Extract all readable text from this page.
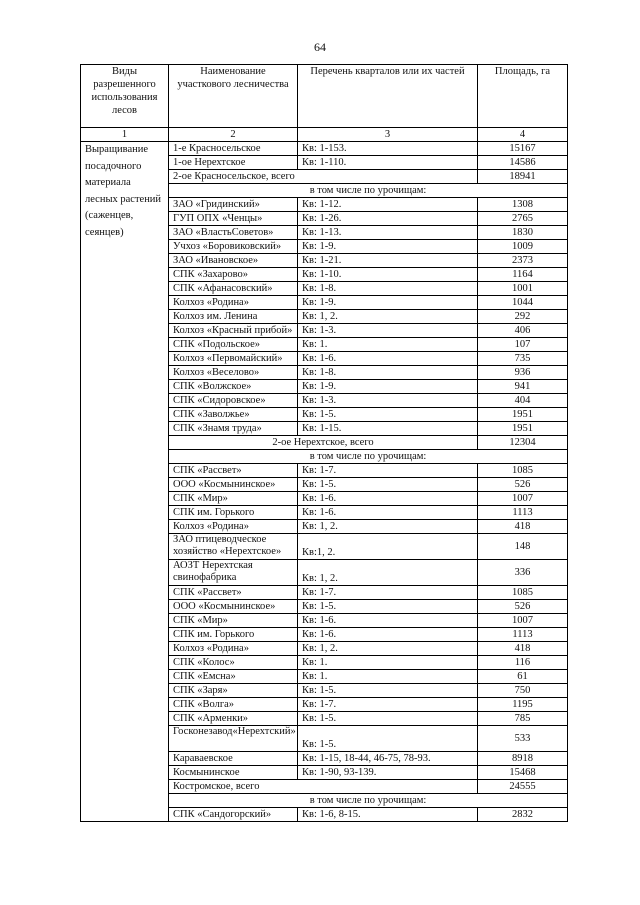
64
Виды разрешенного использования лесов	Наименование участкового лесничества	Перечень кварталов или их частей	Площадь, га
1	2	3	4
Выращивание посадочного материала лесных растений (саженцев, сеянцев)	1-е Красносельское	Кв: 1-153.	15167
	1-ое Нерехтское	Кв: 1-110.	14586
	2-ое Красносельское, всего		18941
	в том числе по урочищам:		
	ЗАО «Гридинский»	Кв: 1-12.	1308
	ГУП ОПХ «Ченцы»	Кв: 1-26.	2765
	ЗАО «ВластьСоветов»	Кв: 1-13.	1830
	Учхоз «Боровиковский»	Кв: 1-9.	1009
	ЗАО «Ивановское»	Кв: 1-21.	2373
	СПК «Захарово»	Кв: 1-10.	1164
	СПК «Афанасовский»	Кв: 1-8.	1001
	Колхоз «Родина»	Кв: 1-9.	1044
	Колхоз им. Ленина	Кв: 1, 2.	292
	Колхоз «Красный прибой»	Кв: 1-3.	406
	СПК «Подольское»	Кв: 1.	107
	Колхоз «Первомайский»	Кв: 1-6.	735
	Колхоз «Веселово»	Кв: 1-8.	936
	СПК «Волжское»	Кв: 1-9.	941
	СПК «Сидоровское»	Кв: 1-3.	404
	СПК «Заволжье»	Кв: 1-5.	1951
	СПК «Знамя труда»	Кв: 1-15.	1951
	2-ое Нерехтское, всего		12304
	в том числе по урочищам:		
	СПК «Рассвет»	Кв: 1-7.	1085
	ООО «Космынинское»	Кв: 1-5.	526
	СПК «Мир»	Кв: 1-6.	1007
	СПК им. Горького	Кв: 1-6.	1113
	Колхоз «Родина»	Кв: 1, 2.	418
	ЗАО птицеводческое хозяйство «Нерехтское»	Кв:1, 2.	148
	АОЗТ Нерехтская свинофабрика	Кв: 1, 2.	336
	СПК «Рассвет»	Кв: 1-7.	1085
	ООО «Космынинское»	Кв: 1-5.	526
	СПК «Мир»	Кв: 1-6.	1007
	СПК им. Горького	Кв: 1-6.	1113
	Колхоз «Родина»	Кв: 1, 2.	418
	СПК «Колос»	Кв: 1.	116
	СПК «Емсна»	Кв: 1.	61
	СПК «Заря»	Кв: 1-5.	750
	СПК «Волга»	Кв: 1-7.	1195
	СПК «Арменки»	Кв: 1-5.	785
	Госконезавод«Нерехтский»	Кв: 1-5.	533
	Караваевское	Кв: 1-15, 18-44, 46-75, 78-93.	8918
	Космынинское	Кв: 1-90, 93-139.	15468
	Костромское, всего		24555
	в том числе по урочищам:		
	СПК «Сандогорский»	Кв: 1-6, 8-15.	2832
